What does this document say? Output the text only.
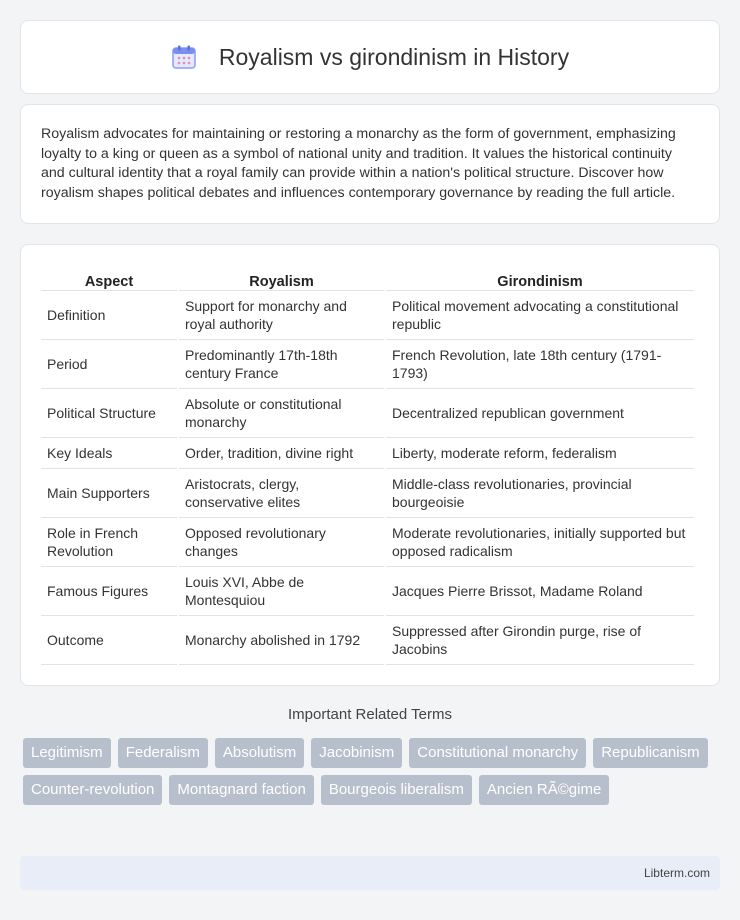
Royalism vs girondinism in History

Royalism advocates for maintaining or restoring a monarchy as the form of government, emphasizing loyalty to a king or queen as a symbol of national unity and tradition. It values the historical continuity and cultural identity that a royal family can provide within a nation's political structure. Discover how royalism shapes political debates and influences contemporary governance by reading the full article.

Aspect	Royalism	Girondinism
Definition	Support for monarchy and royal authority	Political movement advocating a constitutional republic
Period	Predominantly 17th-18th century France	French Revolution, late 18th century (1791-1793)
Political Structure	Absolute or constitutional monarchy	Decentralized republican government
Key Ideals	Order, tradition, divine right	Liberty, moderate reform, federalism
Main Supporters	Aristocrats, clergy, conservative elites	Middle-class revolutionaries, provincial bourgeoisie
Role in French Revolution	Opposed revolutionary changes	Moderate revolutionaries, initially supported but opposed radicalism
Famous Figures	Louis XVI, Abbe de Montesquiou	Jacques Pierre Brissot, Madame Roland
Outcome	Monarchy abolished in 1792	Suppressed after Girondin purge, rise of Jacobins
Important Related Terms
Legitimism	Federalism	Absolutism	Jacobinism	Constitutional monarchy	Republicanism
Counter-revolution	Montagnard faction	Bourgeois liberalism	Ancien RÃ©gime
Libterm.com
